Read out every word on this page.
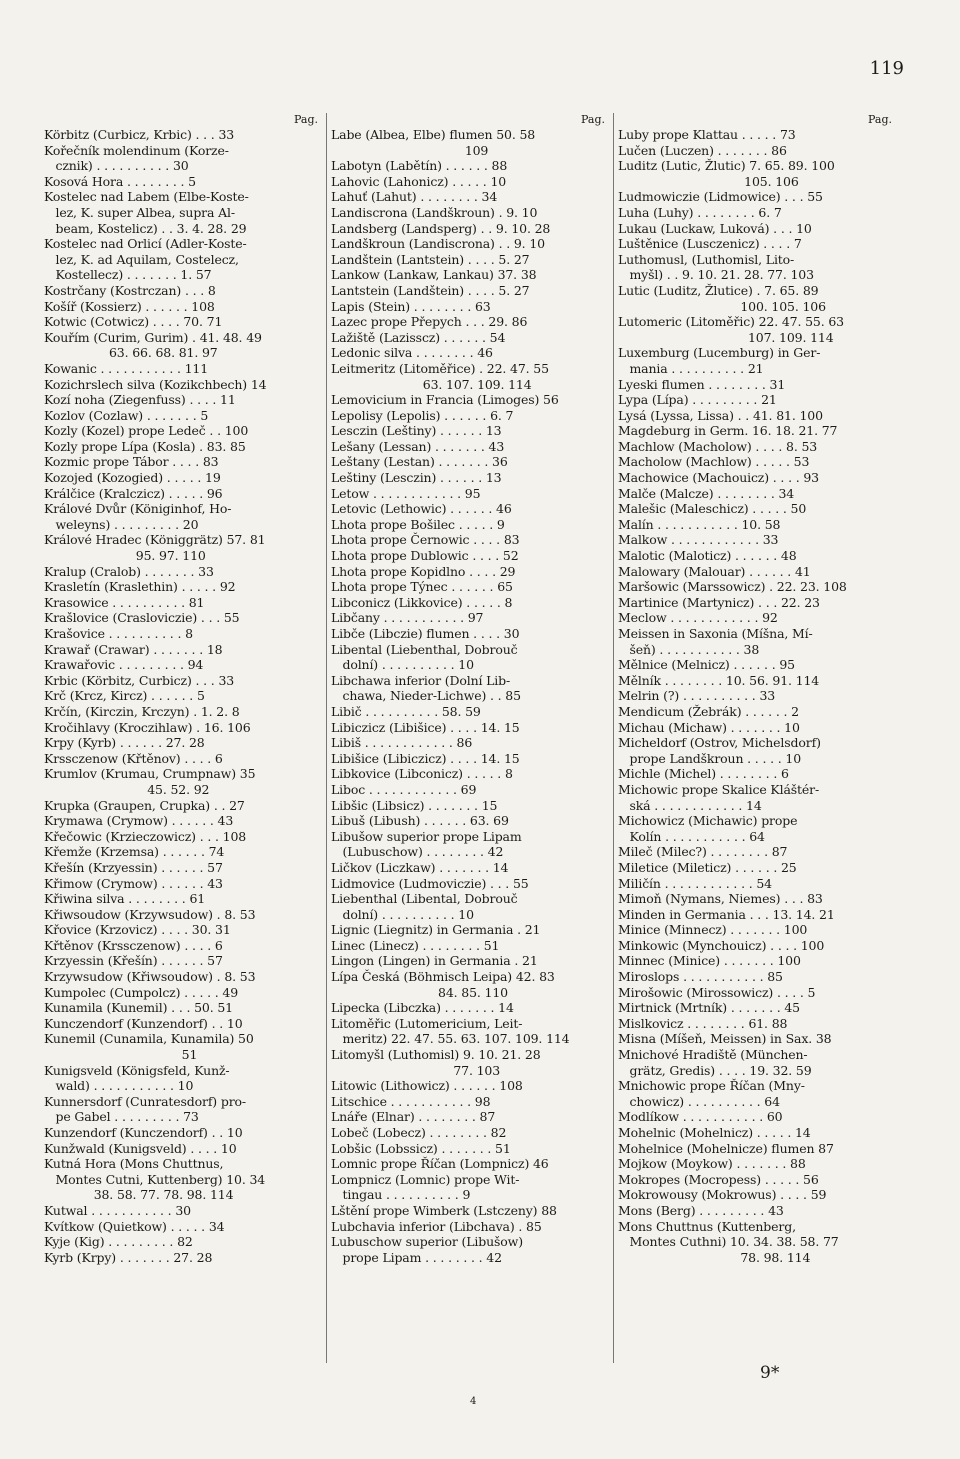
119
Pag.
Körbitz (Curbicz, Krbic) . . . 33
Kořečník molendinum (Korze-
cznik) . . . . . . . . . . 30
Kosová Hora . . . . . . . . 5
Kostelec nad Labem (Elbe-Koste-
lez, K. super Albea, supra Al-
beam, Kostelicz) . . 3. 4. 28. 29
Kostelec nad Orlicí (Adler-Koste-
lez, K. ad Aquilam, Costelecz,
Kostellecz) . . . . . . . 1. 57
Kostrčany (Kostrczan) . . . 8
Košíř (Kossierz) . . . . . . 108
Kotwic (Cotwicz) . . . . 70. 71
Kouřím (Curim, Gurim) . 41. 48. 49
63. 66. 68. 81. 97
Kowanic . . . . . . . . . . . 111
Kozichrslech silva (Kozikchbech) 14
Kozí noha (Ziegenfuss) . . . . 11
Kozlov (Cozlaw) . . . . . . . 5
Kozly (Kozel) prope Ledeč . . 100
Kozly prope Lípa (Kosla) . 83. 85
Kozmic prope Tábor . . . . 83
Kozojed (Kozogied) . . . . . 19
Králčice (Kralczicz) . . . . . 96
Králové Dvůr (Königinhof, Ho-
weleyns) . . . . . . . . . 20
Králové Hradec (Königgrätz) 57. 81
95. 97. 110
Kralup (Cralob) . . . . . . . 33
Krasletín (Kraslethin) . . . . . 92
Krasowice . . . . . . . . . . 81
Krašlovice (Crasloviczie) . . . 55
Krašovice . . . . . . . . . . 8
Krawař (Crawar) . . . . . . . 18
Krawařovic . . . . . . . . . 94
Krbic (Körbitz, Curbicz) . . . 33
Krč (Krcz, Kircz) . . . . . . 5
Krčín, (Kirczin, Krczyn) . 1. 2. 8
Kročihlavy (Kroczihlaw) . 16. 106
Krpy (Kyrb) . . . . . . 27. 28
Krssczenow (Křtěnov) . . . . 6
Krumlov (Krumau, Crumpnaw) 35
45. 52. 92
Krupka (Graupen, Crupka) . . 27
Krymawa (Crymow) . . . . . . 43
Křečowic (Krzieczowicz) . . . 108
Křemže (Krzemsa) . . . . . . 74
Křešín (Krzyessin) . . . . . . 57
Křimow (Crymow) . . . . . . 43
Křiwina silva . . . . . . . . 61
Křiwsoudow (Krzywsudow) . 8. 53
Křovice (Krzovicz) . . . . 30. 31
Křtěnov (Krssczenow) . . . . 6
Krzyessin (Křešín) . . . . . . 57
Krzywsudow (Křiwsoudow) . 8. 53
Kumpolec (Cumpolcz) . . . . . 49
Kunamila (Kunemil) . . . 50. 51
Kunczendorf (Kunzendorf) . . 10
Kunemil (Cunamila, Kunamila) 50
51
Kunigsveld (Königsfeld, Kunž-
wald) . . . . . . . . . . . 10
Kunnersdorf (Cunratesdorf) pro-
pe Gabel . . . . . . . . . 73
Kunzendorf (Kunczendorf) . . 10
Kunžwald (Kunigsveld) . . . . 10
Kutná Hora (Mons Chuttnus,
Montes Cutni, Kuttenberg) 10. 34
38. 58. 77. 78. 98. 114
Kutwal . . . . . . . . . . . 30
Kvítkow (Quietkow) . . . . . 34
Kyje (Kig) . . . . . . . . . 82
Kyrb (Krpy) . . . . . . . 27. 28
Pag.
Labe (Albea, Elbe) flumen 50. 58
109
Labotyn (Labětín) . . . . . . 88
Lahovic (Lahonicz) . . . . . 10
Lahuť (Lahut) . . . . . . . . 34
Landiscrona (Landškroun) . 9. 10
Landsberg (Landsperg) . . 9. 10. 28
Landškroun (Landiscrona) . . 9. 10
Landštein (Lantstein) . . . . 5. 27
Lankow (Lankaw, Lankau) 37. 38
Lantstein (Landštein) . . . . 5. 27
Lapis (Stein) . . . . . . . . 63
Lazec prope Přepych . . . 29. 86
Lažiště (Lazissсz) . . . . . . 54
Ledonic silva . . . . . . . . 46
Leitmeritz (Litoměřice) . 22. 47. 55
63. 107. 109. 114
Lemovicium in Francia (Limoges) 56
Lepolisy (Lepolis) . . . . . . 6. 7
Lesczin (Leštiny) . . . . . . 13
Lešany (Lessan) . . . . . . . 43
Leštany (Lestan) . . . . . . . 36
Leštiny (Lesczin) . . . . . . 13
Letow . . . . . . . . . . . . 95
Letovic (Lethowic) . . . . . . 46
Lhota prope Bošilec . . . . . 9
Lhota prope Černowic . . . . 83
Lhota prope Dublowic . . . . 52
Lhota prope Kopidlno . . . . 29
Lhota prope Týnec . . . . . . 65
Libconicz (Likkovice) . . . . . 8
Libčany . . . . . . . . . . . 97
Libče (Libczie) flumen . . . . 30
Libental (Liebenthal, Dobrouč
dolní) . . . . . . . . . . 10
Libchawa inferior (Dolní Lib-
chawa, Nieder-Lichwe) . . 85
Libič . . . . . . . . . . 58. 59
Libiczicz (Libišice) . . . . 14. 15
Libiš . . . . . . . . . . . . 86
Libišice (Libiczicz) . . . . 14. 15
Libkovice (Libconicz) . . . . . 8
Liboc . . . . . . . . . . . . 69
Libšic (Libsicz) . . . . . . . 15
Libuš (Libush) . . . . . . 63. 69
Libušow superior prope Lipam
(Lubuschow) . . . . . . . . 42
Ličkov (Liczkaw) . . . . . . . 14
Lidmovice (Ludmoviczie) . . . 55
Liebenthal (Libental, Dobrouč
dolní) . . . . . . . . . . 10
Lignic (Liegnitz) in Germania . 21
Linec (Linecz) . . . . . . . . 51
Lingon (Lingen) in Germania . 21
Lípa Česká (Böhmisch Leipa) 42. 83
84. 85. 110
Lipecka (Libczka) . . . . . . . 14
Litoměřic (Lutomericium, Leit-
meritz) 22. 47. 55. 63. 107. 109. 114
Litomyšl (Luthomisl) 9. 10. 21. 28
77. 103
Litowic (Lithowicz) . . . . . . 108
Litschice . . . . . . . . . . . 98
Lnáře (Elnar) . . . . . . . . 87
Lobeč (Lobecz) . . . . . . . . 82
Lobšic (Lobssicz) . . . . . . . 51
Lomnic prope Říčan (Lompnicz) 46
Lompnicz (Lomnic) prope Wit-
tingau . . . . . . . . . . 9
Lštění prope Wimberk (Lstczeny) 88
Lubchavia inferior (Libchava) . 85
Lubuschow superior (Libušow)
prope Lipam . . . . . . . . 42
Pag.
Luby prope Klattau . . . . . 73
Lučen (Luczen) . . . . . . . 86
Luditz (Lutic, Žlutic) 7. 65. 89. 100
105. 106
Ludmowiczie (Lidmowice) . . . 55
Luha (Luhy) . . . . . . . . 6. 7
Lukau (Luckaw, Luková) . . . 10
Luštěnice (Lusczenicz) . . . . 7
Luthomusl, (Luthomisl, Lito-
myšl) . . 9. 10. 21. 28. 77. 103
Lutic (Luditz, Žlutice) . 7. 65. 89
100. 105. 106
Lutomeric (Litoměřic) 22. 47. 55. 63
107. 109. 114
Luxemburg (Lucemburg) in Ger-
mania . . . . . . . . . . 21
Lyeski flumen . . . . . . . . 31
Lypa (Lípa) . . . . . . . . . 21
Lysá (Lyssa, Lissa) . . 41. 81. 100
Magdeburg in Germ. 16. 18. 21. 77
Machlow (Macholow) . . . . 8. 53
Macholow (Machlow) . . . . . 53
Machowice (Machouicz) . . . . 93
Malče (Malcze) . . . . . . . . 34
Malešic (Maleschicz) . . . . . 50
Malín . . . . . . . . . . . 10. 58
Malkow . . . . . . . . . . . . 33
Malotic (Maloticz) . . . . . . 48
Malowary (Malouar) . . . . . . 41
Maršowic (Marssowicz) . 22. 23. 108
Martinice (Martynicz) . . . 22. 23
Meclow . . . . . . . . . . . . 92
Meissen in Saxonia (Míšna, Mí-
šeň) . . . . . . . . . . . 38
Mělnice (Melnicz) . . . . . . 95
Mělník . . . . . . . . 10. 56. 91. 114
Melrin (?) . . . . . . . . . . 33
Mendicum (Žebrák) . . . . . . 2
Michau (Michaw) . . . . . . . 10
Micheldorf (Ostrov, Michelsdorf)
prope Landškroun . . . . . 10
Michle (Michel) . . . . . . . . 6
Michowic prope Skalice Kláštér-
ská . . . . . . . . . . . . 14
Michowicz (Michawic) prope
Kolín . . . . . . . . . . . 64
Mileč (Milec?) . . . . . . . . 87
Miletice (Mileticz) . . . . . . 25
Miličín . . . . . . . . . . . . 54
Mimoň (Nymans, Niemes) . . . 83
Minden in Germania . . . 13. 14. 21
Minice (Minnecz) . . . . . . . 100
Minkowic (Mynchouicz) . . . . 100
Minnec (Minice) . . . . . . . 100
Miroslops . . . . . . . . . . . 85
Mirošowic (Mirossowicz) . . . . 5
Mirtnick (Mrtník) . . . . . . . 45
Mislkovicz . . . . . . . . 61. 88
Misna (Míšeň, Meissen) in Sax. 38
Mnichové Hradiště (München-
grätz, Gredis) . . . . 19. 32. 59
Mnichowic prope Říčan (Mny-
chowicz) . . . . . . . . . . 64
Modlíkow . . . . . . . . . . . 60
Mohelnic (Mohelnicz) . . . . . 14
Mohelnice (Mohelnicze) flumen 87
Mojkow (Moykow) . . . . . . . 88
Mokropes (Mocropess) . . . . . 56
Mokrowousy (Mokrowus) . . . . 59
Mons (Berg) . . . . . . . . . 43
Mons Chuttnus (Kuttenberg,
Montes Cuthni) 10. 34. 38. 58. 77
78. 98. 114
9*
4
